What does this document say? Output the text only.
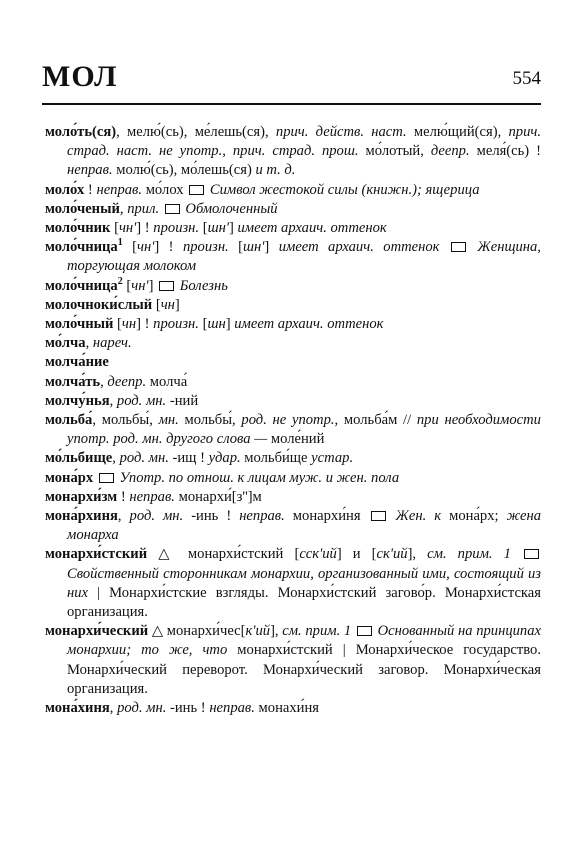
МОЛ	554
моло́ть(ся), мелю́(сь), ме́лешь(ся), прич. действ. наст. мелю́щий(ся), прич. страд. наст. не употр., прич. страд. прош. мо́лотый, деепр. меля́(сь) ! неправ. молю́(сь), мо́лешь(ся) и т. д.
моло́х ! неправ. мо́лох  Символ жестокой силы (книжн.); ящерица
моло́ченый, прил. Обмолоченный
моло́чник [чн'] ! произн. [шн'] имеет архаич. оттенок
моло́чница$^1$ [чн'] ! произн. [шн'] имеет архаич. оттенок	Женщина, торгующая молоком
моло́чница$^2$ [чн']  Болезнь
молочноки́слый [чн]
моло́чный [чн] ! произн. [шн] имеет архаич. оттенок
мо́лча, нареч.
молча́ние
молча́ть, деепр. молча́
молчу́нья, род. мн. -ний
мольба́, мольбы́, мн. мольбы́, род. не употр., мольба́м // при необходимости употр. род. мн. другого слова — моле́ний
мо́льбище, род. мн. -ищ ! удар. мольби́ще устар.
мона́рх Употр. по отнош. к лицам муж. и жен. пола
монархи́зм ! неправ. монархи́[з'']м
мона́рхиня, род. мн. -инь ! неправ. монархи́ня  Жен. к мона́рх; жена монарха
монархи́стский △ монархи́стский [сск'ий] и [ск'ий], см. прим. 1  Свойственный сторонникам монархии, организованный ими, состоящий из них | Монархи́стские взгляды. Монархи́стский загово́р. Монархи́стская организация.
монархи́ческий △ монархи́чес[к'ий], см. прим. 1 Основанный на принципах монархии; то же, что монархи́стский | Монархи́ческое государство. Монархи́ческий переворот. Монархи́ческий заговор. Монархи́ческая организация.
мона́хиня, род. мн. -инь ! неправ. монахи́ня
